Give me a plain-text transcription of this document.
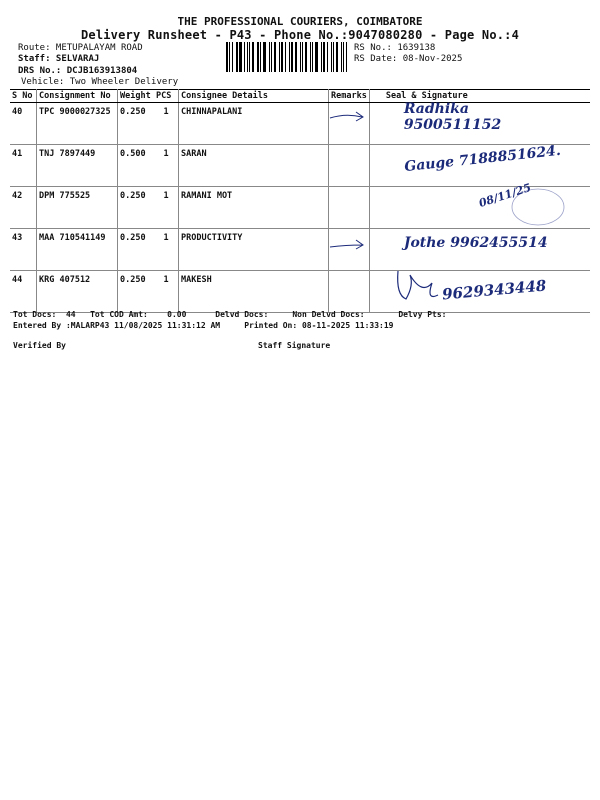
THE PROFESSIONAL COURIERS, COIMBATORE
Delivery Runsheet - P43 - Phone No.:9047080280 - Page No.:4
Route: METUPALAYAM ROAD
Staff: SELVARAJ
DRS No.: DCJB163913804
Vehicle: Two Wheeler Delivery
RS No.: 1639138
RS Date: 08-Nov-2025
S No	Consignment No	Weight	PCS	Consignee Details	Remarks	Seal & Signature
40	TPC 9000027325	0.250	1	CHINNAPALANI		Radhika
9500511152

41	TNJ 7897449	0.500	1	SARAN		Gauge 7188851624.

42	DPM 775525	0.250	1	RAMANI MOT		08/11/25

43	MAA 710541149	0.250	1	PRODUCTIVITY		Jothe 9962455514

44	KRG 407512	0.250	1	MAKESH		9629343448
Tot Docs:  44   Tot COD Amt:    0.00      Delvd Docs:     Non Delvd Docs:       Delvy Pts:
Entered By :MALARP43 11/08/2025 11:31:12 AM     Printed On: 08-11-2025 11:33:19
Verified By	Staff Signature
